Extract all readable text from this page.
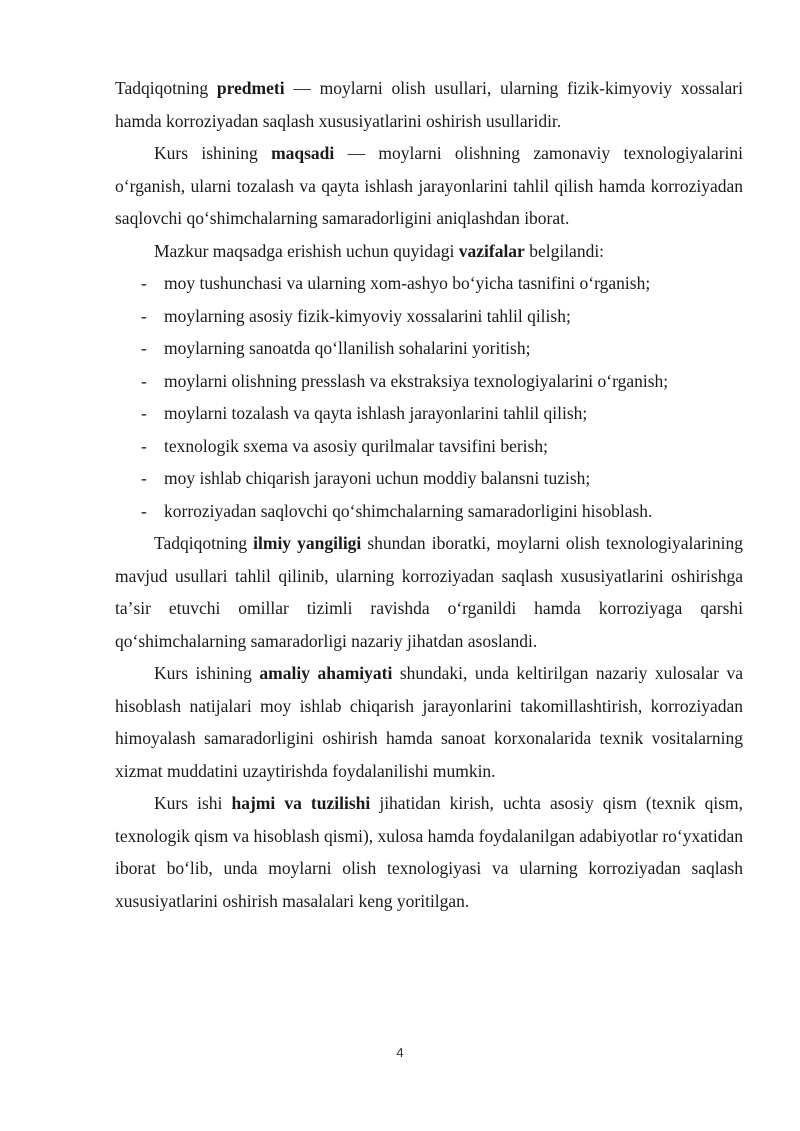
Tadqiqotning predmeti — moylarni olish usullari, ularning fizik-kimyoviy xossalari hamda korroziyadan saqlash xususiyatlarini oshirish usullaridir.

Kurs ishining maqsadi — moylarni olishning zamonaviy texnologiyalarini oʻrganish, ularni tozalash va qayta ishlash jarayonlarini tahlil qilish hamda korroziyadan saqlovchi qoʻshimchalarning samaradorligini aniqlashdan iborat.

Mazkur maqsadga erishish uchun quyidagi vazifalar belgilandi:

- moy tushunchasi va ularning xom-ashyo boʻyicha tasnifini oʻrganish;
- moylarning asosiy fizik-kimyoviy xossalarini tahlil qilish;
- moylarning sanoatda qoʻllanilish sohalarini yoritish;
- moylarni olishning presslash va ekstraksiya texnologiyalarini oʻrganish;
- moylarni tozalash va qayta ishlash jarayonlarini tahlil qilish;
- texnologik sxema va asosiy qurilmalar tavsifini berish;
- moy ishlab chiqarish jarayoni uchun moddiy balansni tuzish;
- korroziyadan saqlovchi qoʻshimchalarning samaradorligini hisoblash.

Tadqiqotning ilmiy yangiligi shundan iboratki, moylarni olish texnologiyalarining mavjud usullari tahlil qilinib, ularning korroziyadan saqlash xususiyatlarini oshirishga taʼsir etuvchi omillar tizimli ravishda oʻrganildi hamda korroziyaga qarshi qoʻshimchalarning samaradorligi nazariy jihatdan asoslandi.

Kurs ishining amaliy ahamiyati shundaki, unda keltirilgan nazariy xulosalar va hisoblash natijalari moy ishlab chiqarish jarayonlarini takomillashtirish, korroziyadan himoyalash samaradorligini oshirish hamda sanoat korxonalarida texnik vositalarning xizmat muddatini uzaytirishda foydalanilishi mumkin.

Kurs ishi hajmi va tuzilishi jihatidan kirish, uchta asosiy qism (texnik qism, texnologik qism va hisoblash qismi), xulosa hamda foydalanilgan adabiyotlar roʻyxatidan iborat boʻlib, unda moylarni olish texnologiyasi va ularning korroziyadan saqlash xususiyatlarini oshirish masalalari keng yoritilgan.

4
